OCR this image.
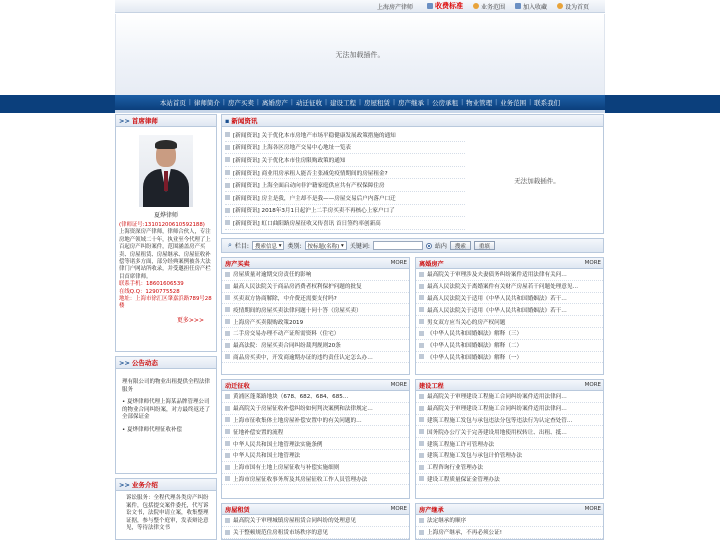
上海房产律师	收费标准	业务范围	加入收藏	设为首页
无法加载插件。
本站首页 | 律师简介 | 房产买卖 | 离婚房产 | 动迁征收 | 建设工程 | 房屋租赁 | 房产继承 | 公房承租 | 物业管理 | 业务范围 | 联系我们
>> 首席律师
夏烨律师
(律师证号:13101200610592188)
上海资深房产律师，律师合伙人，专注房地产领域二十年，执业至今代理了上百起房产纠纷案件，范围涵盖房产买卖、房屋租赁、房屋继承、房屋征收补偿等诸多方面，部分经典案例被各大法律门户网站所收录，并受邀担任房产栏目首席律师。
联系手机：18601606539
在线Q.Q：1290775528
地址：上海市徐汇区肇嘉浜路789号28楼
更多>>>
>> 公告动态

理有限公司的物业出租提供全程法律服务

• 夏烨律师代理上海某品牌管理公司的物业合同纠纷案，对方最终返还了全部保证金

• 夏烨律师代理征收补偿

>> 业务介绍
诉讼服务：全程代理各类房产纠纷案件，包括提交案件委托，代写诉讼文书，法院申请立案，收集整理证据，参与整个庭审，发表辩论意见，等待法律文书
▪ 新闻资讯
[新闻资讯] 关于优化本市房地产市场平稳健康发展政策措施的通知
[新闻资讯] 上海各区房地产交易中心地址一览表
[新闻资讯] 关于优化本市住房限购政策的通知
[新闻资讯] 商业用房承租人能否主张减免疫情期间的房屋租金?
[新闻资讯] 上海全面启动向非沪籍家庭供应共有产权保障住房
[新闻资讯] 房主是我，户主却不是我——房屋交易后户内落户口迁
[新闻资讯] 2018年3月1日起沪上二手房买卖不再核心上家户口了
[新闻资讯] 虹口曲阳路房屋征收又传喜讯 首日签约率创新高
无法加载插件。
⌕ 栏目: 搜索信息 ▾	类别: 按标题(名称) ▾	关键词:	站内	搜索	重填
房产买卖	MORE
房屋质量对逾期交房责任的影响
最高人民法院关于商品房消费者权利保护问题的批复
买卖双方协商解除，中介费还需要支付吗?
疫情期间的房屋买卖法律问题十问十答（房屋买卖）
上海房产买卖限购政策2019
二手房交易办理不动产证所需资料（住宅）
最高法院：房屋买卖合同纠纷裁判规则20条
商品房买卖中，开发商逾期办证的违约责任认定怎么办…
离婚房产	MORE
最高院关于审理涉及夫妻债务纠纷案件适用法律有关问…
最高人民法院关于离婚案件有关财产房屋若干问题处理意见…
最高人民法院关于适用《中华人民共和国婚姻法》若干…
最高人民法院关于适用《中华人民共和国婚姻法》若干…
男女双方应当关心的房产权问题
《中华人民共和国婚姻法》解释（三）
《中华人民共和国婚姻法》解释（二）
《中华人民共和国婚姻法》解释（一）
动迁征收	MORE
黄浦区蓬莱路地块（678、682、684、685…
最高院关于房屋征收补偿纠纷如何判决案例和法律规定…
上海市征收集体土地房屋补偿安置中的有关问题的…
征地补偿安置的流程
中华人民共和国土地管理法实施条例
中华人民共和国土地管理法
上海市国有土地上房屋征收与补偿实施细则
上海市房屋征收事务所及其房屋征收工作人员管理办法
建设工程	MORE
最高院关于审理建设工程施工合同纠纷案件适用法律问…
最高院关于审理建设工程施工合同纠纷案件适用法律问…
建筑工程施工发包与承包违法分包等违法行为认定查处管…
国务院办公厅关于完善建设用地使用权转让、出租、抵…
建筑工程施工许可管理办法
建筑工程施工发包与承包计价管理办法
工程咨询行业管理办法
建设工程质量保证金管理办法
房屋租赁	MORE
最高院关于审理城镇房屋租赁合同纠纷的处理意见
关于整顿规范住房租赁市场秩序的意见
房产继承	MORE
法定继承的顺序
上海房产继承，不再必须公证!
